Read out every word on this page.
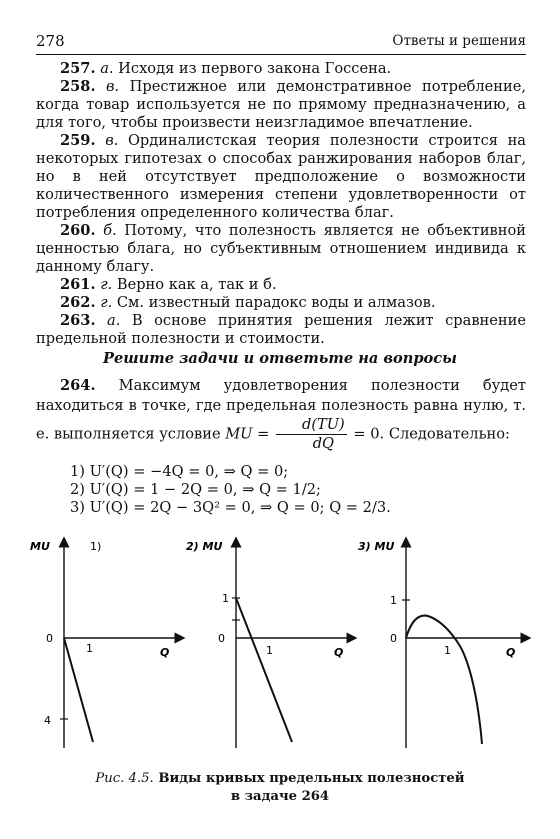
278	Ответы и решения

257. а. Исходя из первого закона Госсена.

258. в. Престижное или демонстративное потребление, когда товар используется не по прямому предназначению, а для того, чтобы произвести неизгладимое впечатление.

259. в. Ординалистская теория полезности строится на некоторых гипотезах о способах ранжирования наборов благ, но в ней отсутствует предположение о возможности количественного измерения степени удовлетворенности от потребления определенного количества благ.

260. б. Потому, что полезность является не объективной ценностью блага, но субъективным отношением индивида к данному благу.

261. г. Верно как а, так и б.

262. г. См. известный парадокс воды и алмазов.

263. а. В основе принятия решения лежит сравнение предельной полезности и стоимости.

Решите задачи и ответьте на вопросы

264. Максимум удовлетворения полезности будет находиться в точке, где предельная полезность равна нулю, т. е. выполняется условие MU = $\frac{d(TU)}{dQ} = 0$. Следовательно:

1) U′(Q) = −4Q = 0, ⇒ Q = 0;
2) U′(Q) = 1 − 2Q = 0, ⇒ Q = 1/2;
3) U′(Q) = 2Q − 3Q² = 0, ⇒ Q = 0; Q = 2/3.
MU	1)
Q
0
1
4
2) MU
Q
1
0
1
3) MU
Q
1
0
1
Рис. 4.5. Виды кривых предельных полезностей
в задаче 264
